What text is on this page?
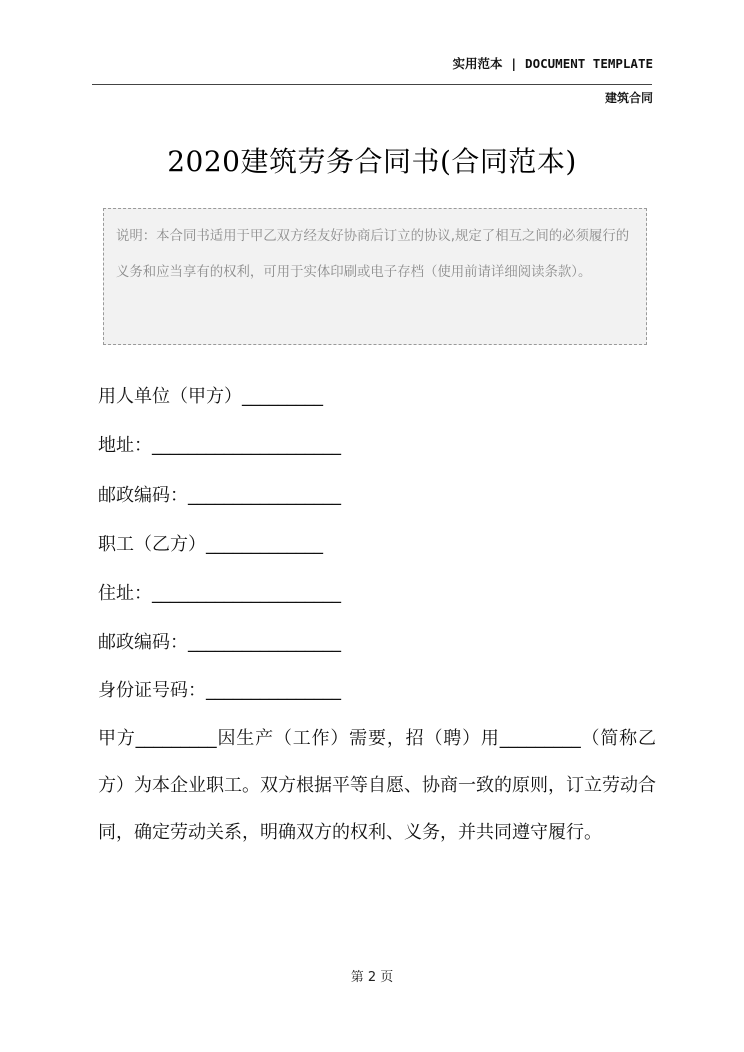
实用范本 | DOCUMENT TEMPLATE
建筑合同
2020建筑劳务合同书(合同范本)

说明：本合同书适用于甲乙双方经友好协商后订立的协议,规定了相互之间的必须履行的义务和应当享有的权利，可用于实体印刷或电子存档（使用前请详细阅读条款）。

用人单位（甲方）_________
地址：_____________________
邮政编码：_________________
职工（乙方）_____________
住址：_____________________
邮政编码：_________________
身份证号码：_______________

甲方_________因生产（工作）需要，招（聘）用_________（简称乙方）为本企业职工。双方根据平等自愿、协商一致的原则，订立劳动合同，确定劳动关系，明确双方的权利、义务，并共同遵守履行。

第 2 页
